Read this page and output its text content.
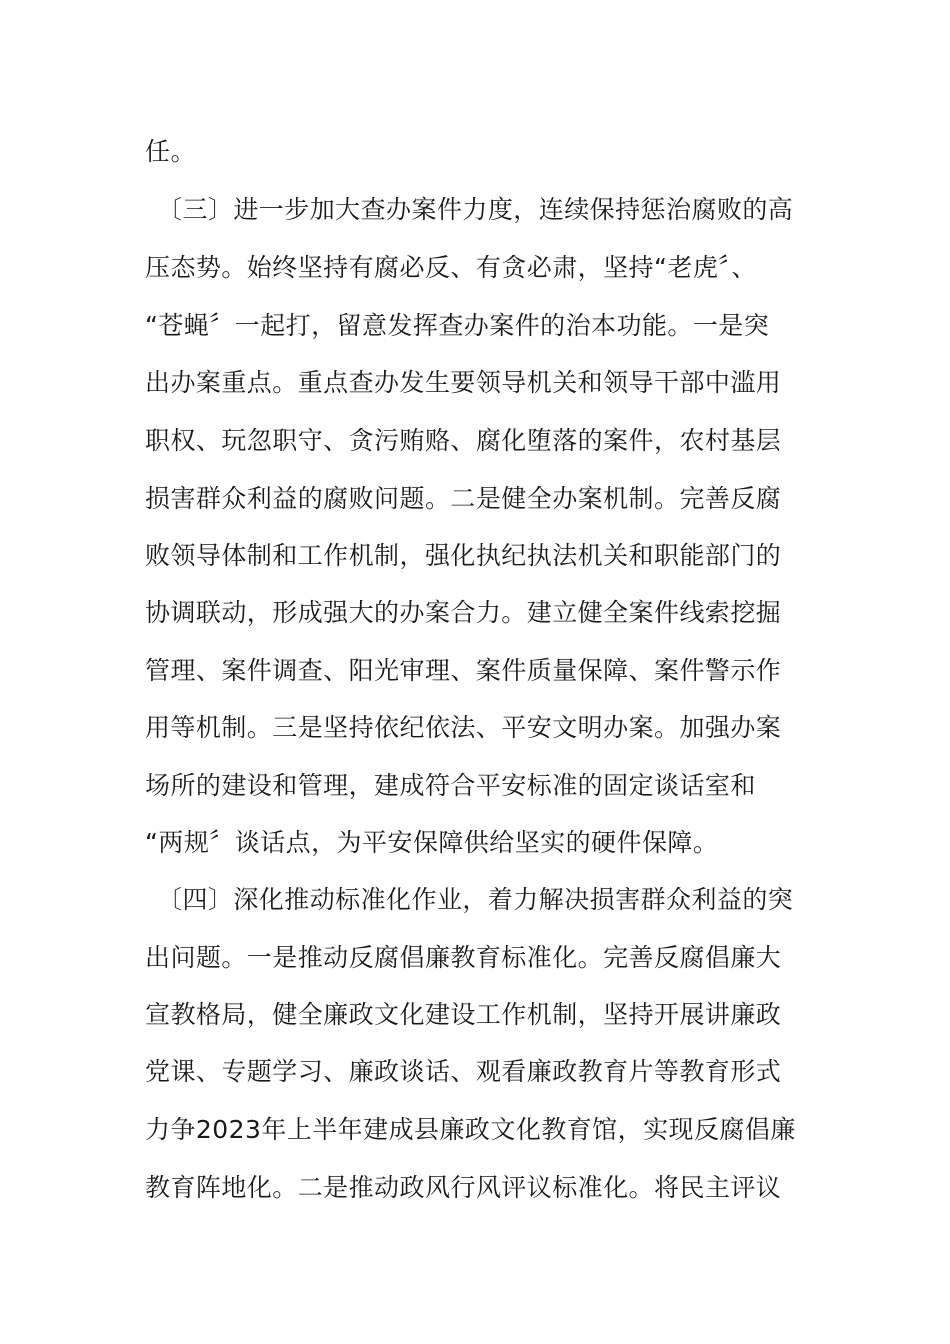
任。
〔三〕进一步加大查办案件力度，连续保持惩治腐败的高
压态势。始终坚持有腐必反、有贪必肃，坚持“老虎〞、
“苍蝇〞一起打，留意发挥查办案件的治本功能。一是突
出办案重点。重点查办发生要领导机关和领导干部中滥用
职权、玩忽职守、贪污贿赂、腐化堕落的案件，农村基层
损害群众利益的腐败问题。二是健全办案机制。完善反腐
败领导体制和工作机制，强化执纪执法机关和职能部门的
协调联动，形成强大的办案合力。建立健全案件线索挖掘
管理、案件调查、阳光审理、案件质量保障、案件警示作
用等机制。三是坚持依纪依法、平安文明办案。加强办案
场所的建设和管理，建成符合平安标准的固定谈话室和
“两规〞谈话点，为平安保障供给坚实的硬件保障。
〔四〕深化推动标准化作业，着力解决损害群众利益的突
出问题。一是推动反腐倡廉教育标准化。完善反腐倡廉大
宣教格局，健全廉政文化建设工作机制，坚持开展讲廉政
党课、专题学习、廉政谈话、观看廉政教育片等教育形式
力争2023年上半年建成县廉政文化教育馆，实现反腐倡廉
教育阵地化。二是推动政风行风评议标准化。将民主评议
